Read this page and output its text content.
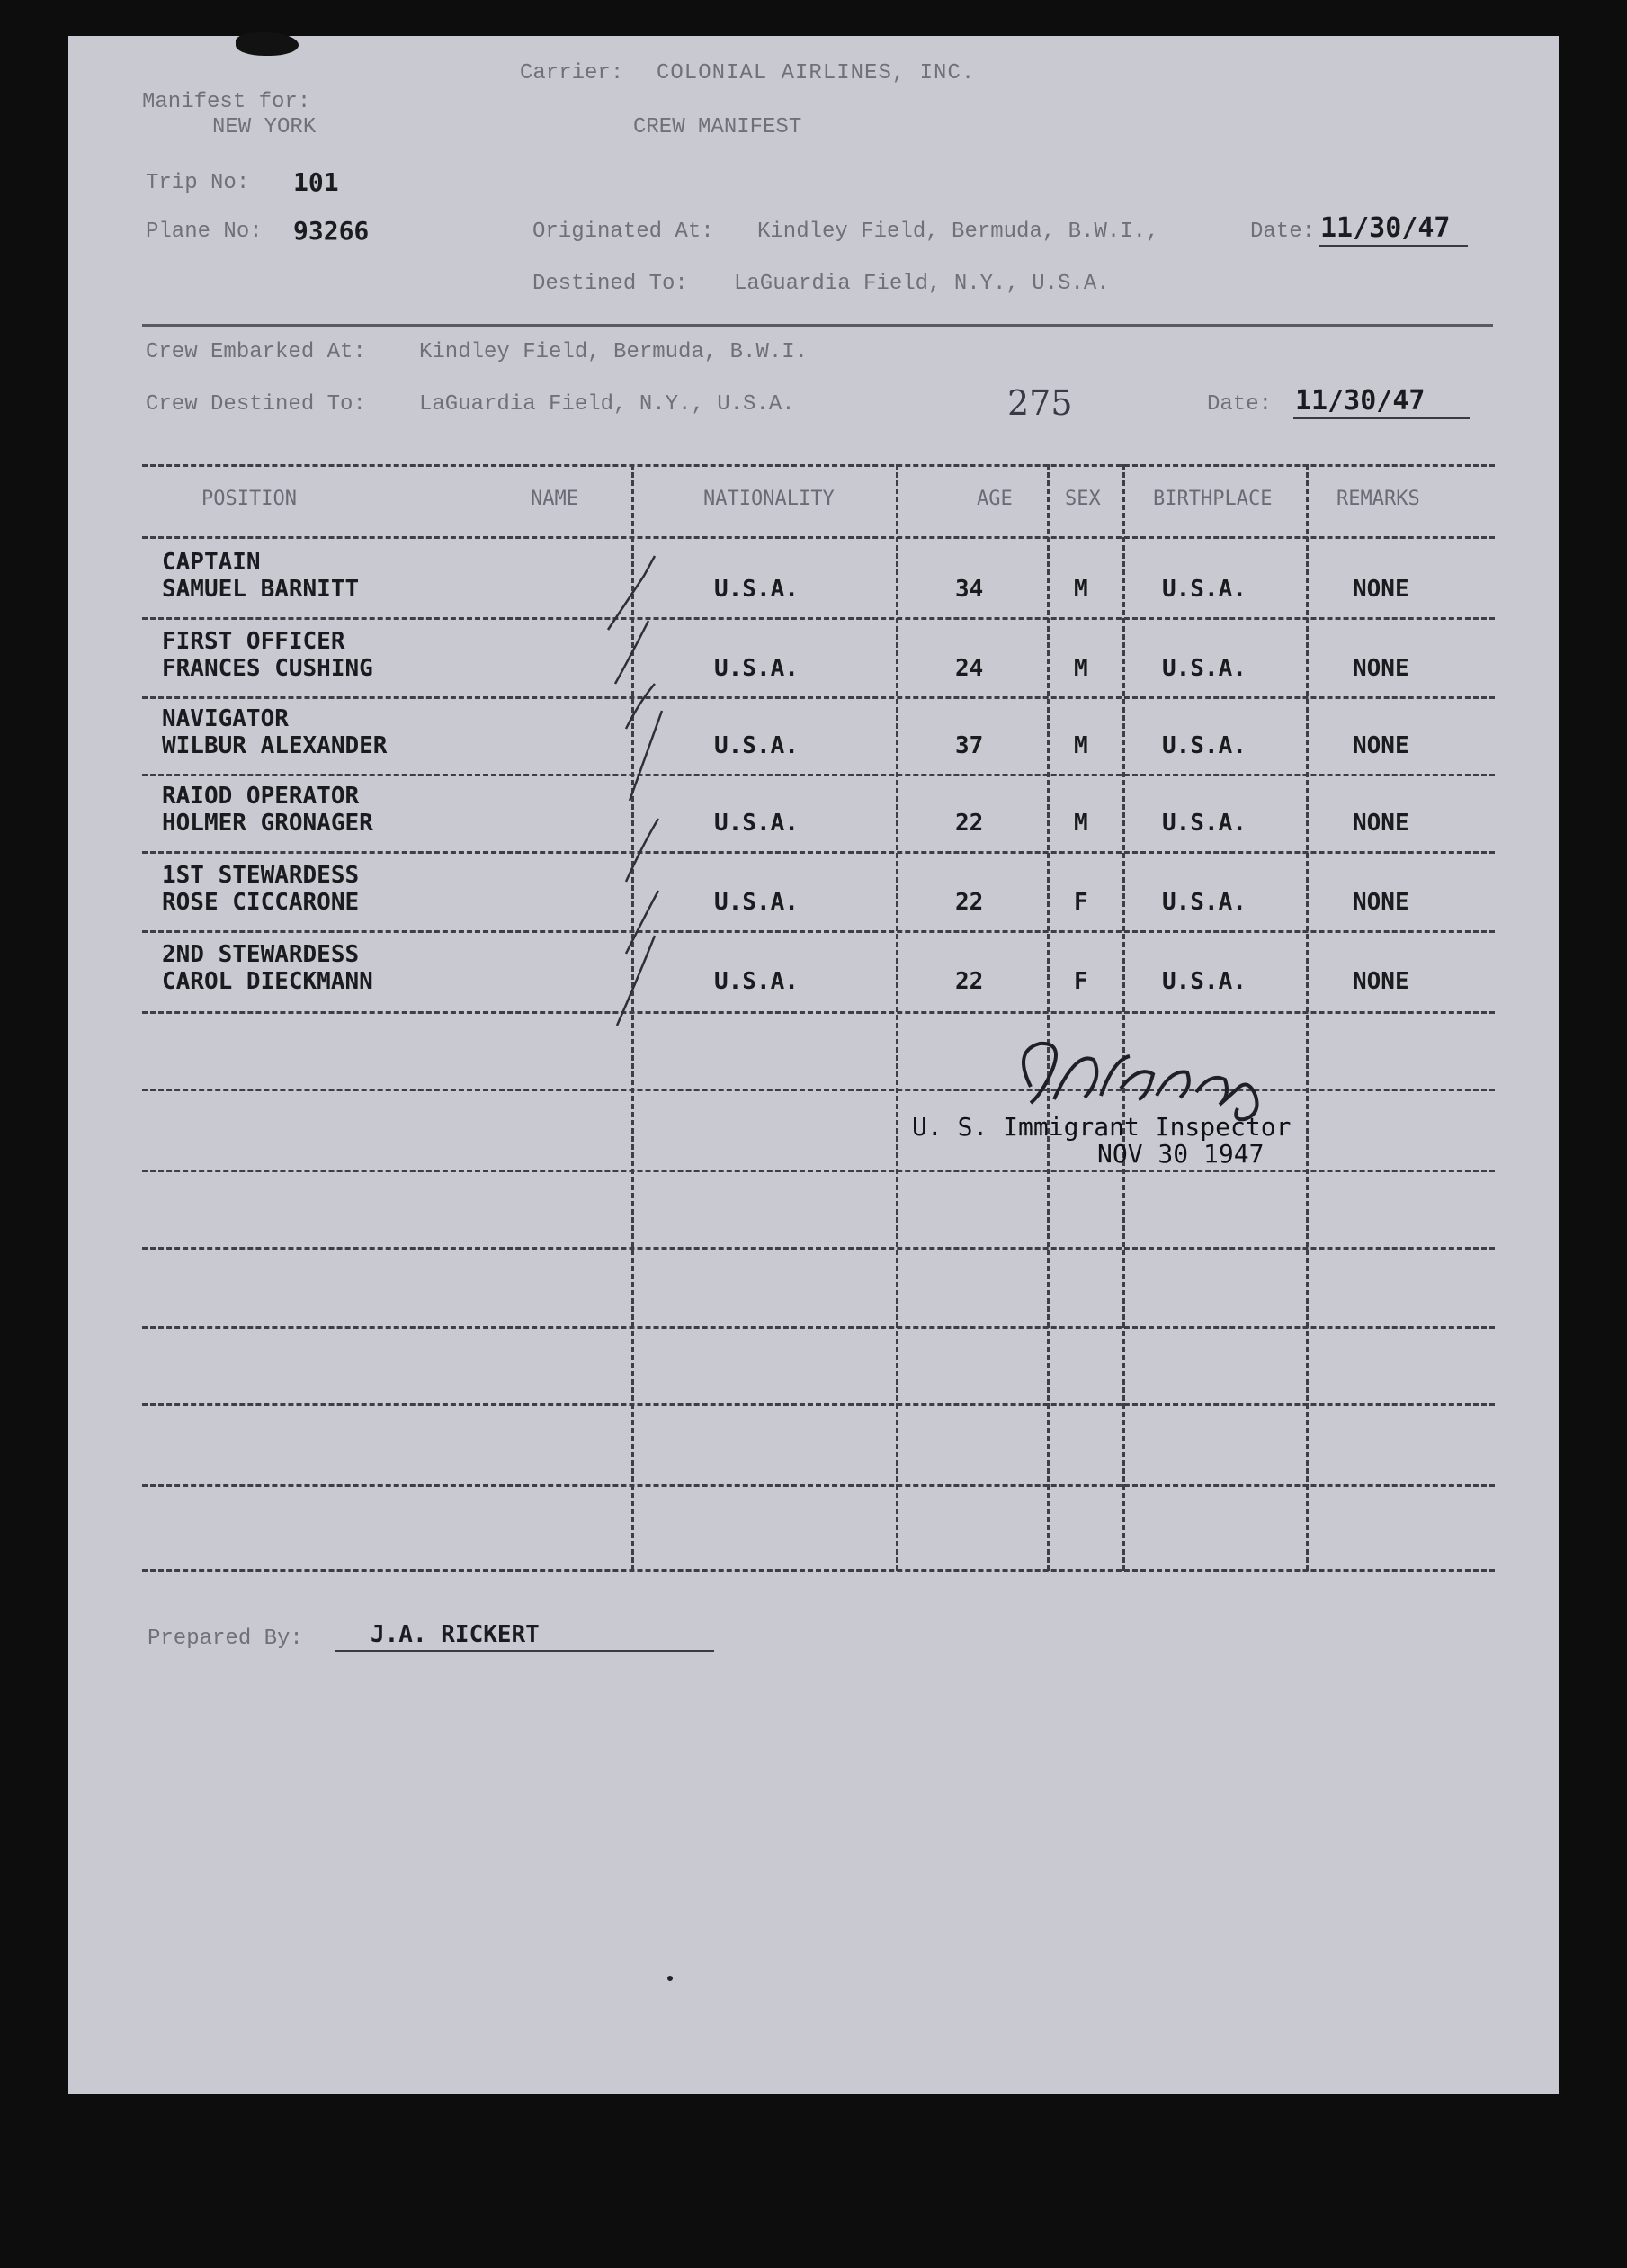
Carrier: COLONIAL AIRLINES, INC.
Manifest for:
NEW YORK	CREW MANIFEST
Trip No: 101
Plane No: 93266	Originated At: Kindley Field, Bermuda, B.W.I.,	Date: 11/30/47
Destined To: LaGuardia Field, N.Y., U.S.A.
Crew Embarked At: Kindley Field, Bermuda, B.W.I.
Crew Destined To: LaGuardia Field, N.Y., U.S.A.	275	Date: 11/30/47
POSITION	NAME	NATIONALITY	AGE	SEX	BIRTHPLACE	REMARKS
CAPTAIN
SAMUEL BARNITT	U.S.A.	34	M	U.S.A.	NONE
FIRST OFFICER
FRANCES CUSHING	U.S.A.	24	M	U.S.A.	NONE
NAVIGATOR
WILBUR ALEXANDER	U.S.A.	37	M	U.S.A.	NONE
RAIOD OPERATOR
HOLMER GRONAGER	U.S.A.	22	M	U.S.A.	NONE
1ST STEWARDESS
ROSE CICCARONE	U.S.A.	22	F	U.S.A.	NONE
2ND STEWARDESS
CAROL DIECKMANN	U.S.A.	22	F	U.S.A.	NONE
U. S. Immigrant Inspector
NOV 30 1947
Prepared By:	J.A. RICKERT
